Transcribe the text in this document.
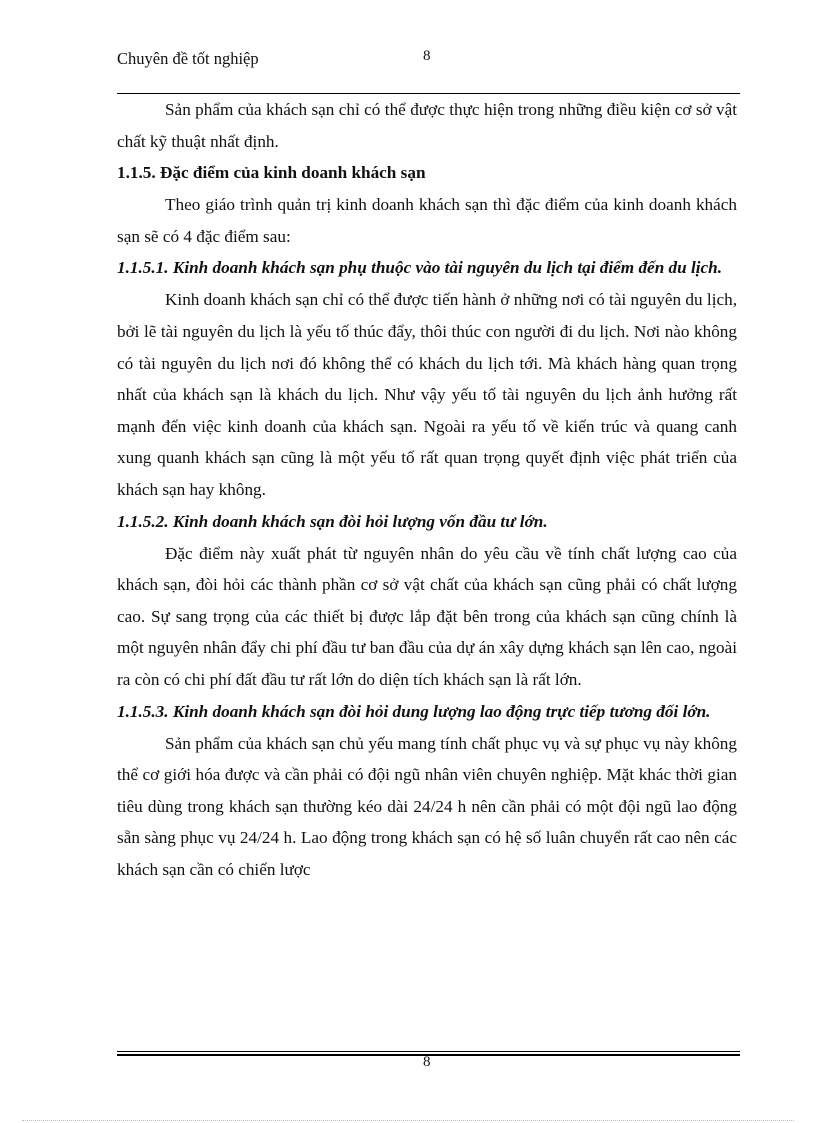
Chuyên đề tốt nghiệp	8

Sản phẩm của khách sạn chỉ có thể được thực hiện trong những điều kiện cơ sở vật chất kỹ thuật nhất định.

1.1.5. Đặc điểm của kinh doanh khách sạn

Theo giáo trình quản trị kinh doanh khách sạn thì đặc điểm của kinh doanh khách sạn sẽ có 4 đặc điểm sau:

1.1.5.1. Kinh doanh khách sạn phụ thuộc vào tài nguyên du lịch tại điểm đến du lịch.

Kinh doanh khách sạn chỉ có thể được tiến hành ở những nơi có tài nguyên du lịch, bởi lẽ tài nguyên du lịch là yếu tố thúc đẩy, thôi thúc con người đi du lịch. Nơi nào không có tài nguyên du lịch nơi đó không thể có khách du lịch tới. Mà khách hàng quan trọng nhất của khách sạn là khách du lịch. Như vậy yếu tố tài nguyên du lịch ảnh hưởng rất mạnh đến việc kinh doanh của khách sạn. Ngoài ra yếu tố về kiến trúc và quang canh xung quanh khách sạn cũng là một yếu tố rất quan trọng quyết định việc phát triển của khách sạn hay không.

1.1.5.2. Kinh doanh khách sạn đòi hỏi lượng vốn đầu tư lớn.

Đặc điểm này xuất phát từ nguyên nhân do yêu cầu về tính chất lượng cao của khách sạn, đòi hỏi các thành phần cơ sở vật chất của khách sạn cũng phải có chất lượng cao. Sự sang trọng của các thiết bị được lắp đặt bên trong của khách sạn cũng chính là một nguyên nhân đẩy chi phí đầu tư ban đầu của dự án xây dựng khách sạn lên cao, ngoài ra còn có chi phí đất đầu tư rất lớn do diện tích khách sạn là rất lớn.

1.1.5.3. Kinh doanh khách sạn đòi hỏi dung lượng lao động trực tiếp tương đối lớn.

Sản phẩm của khách sạn chủ yếu mang tính chất phục vụ và sự phục vụ này không thể cơ giới hóa được và cần phải có đội ngũ nhân viên chuyên nghiệp. Mặt khác thời gian tiêu dùng trong khách sạn thường kéo dài 24/24 h nên cần phải có một đội ngũ lao động sẵn sàng phục vụ 24/24 h. Lao động trong khách sạn có hệ số luân chuyển rất cao nên các khách sạn cần có chiến lược

8
